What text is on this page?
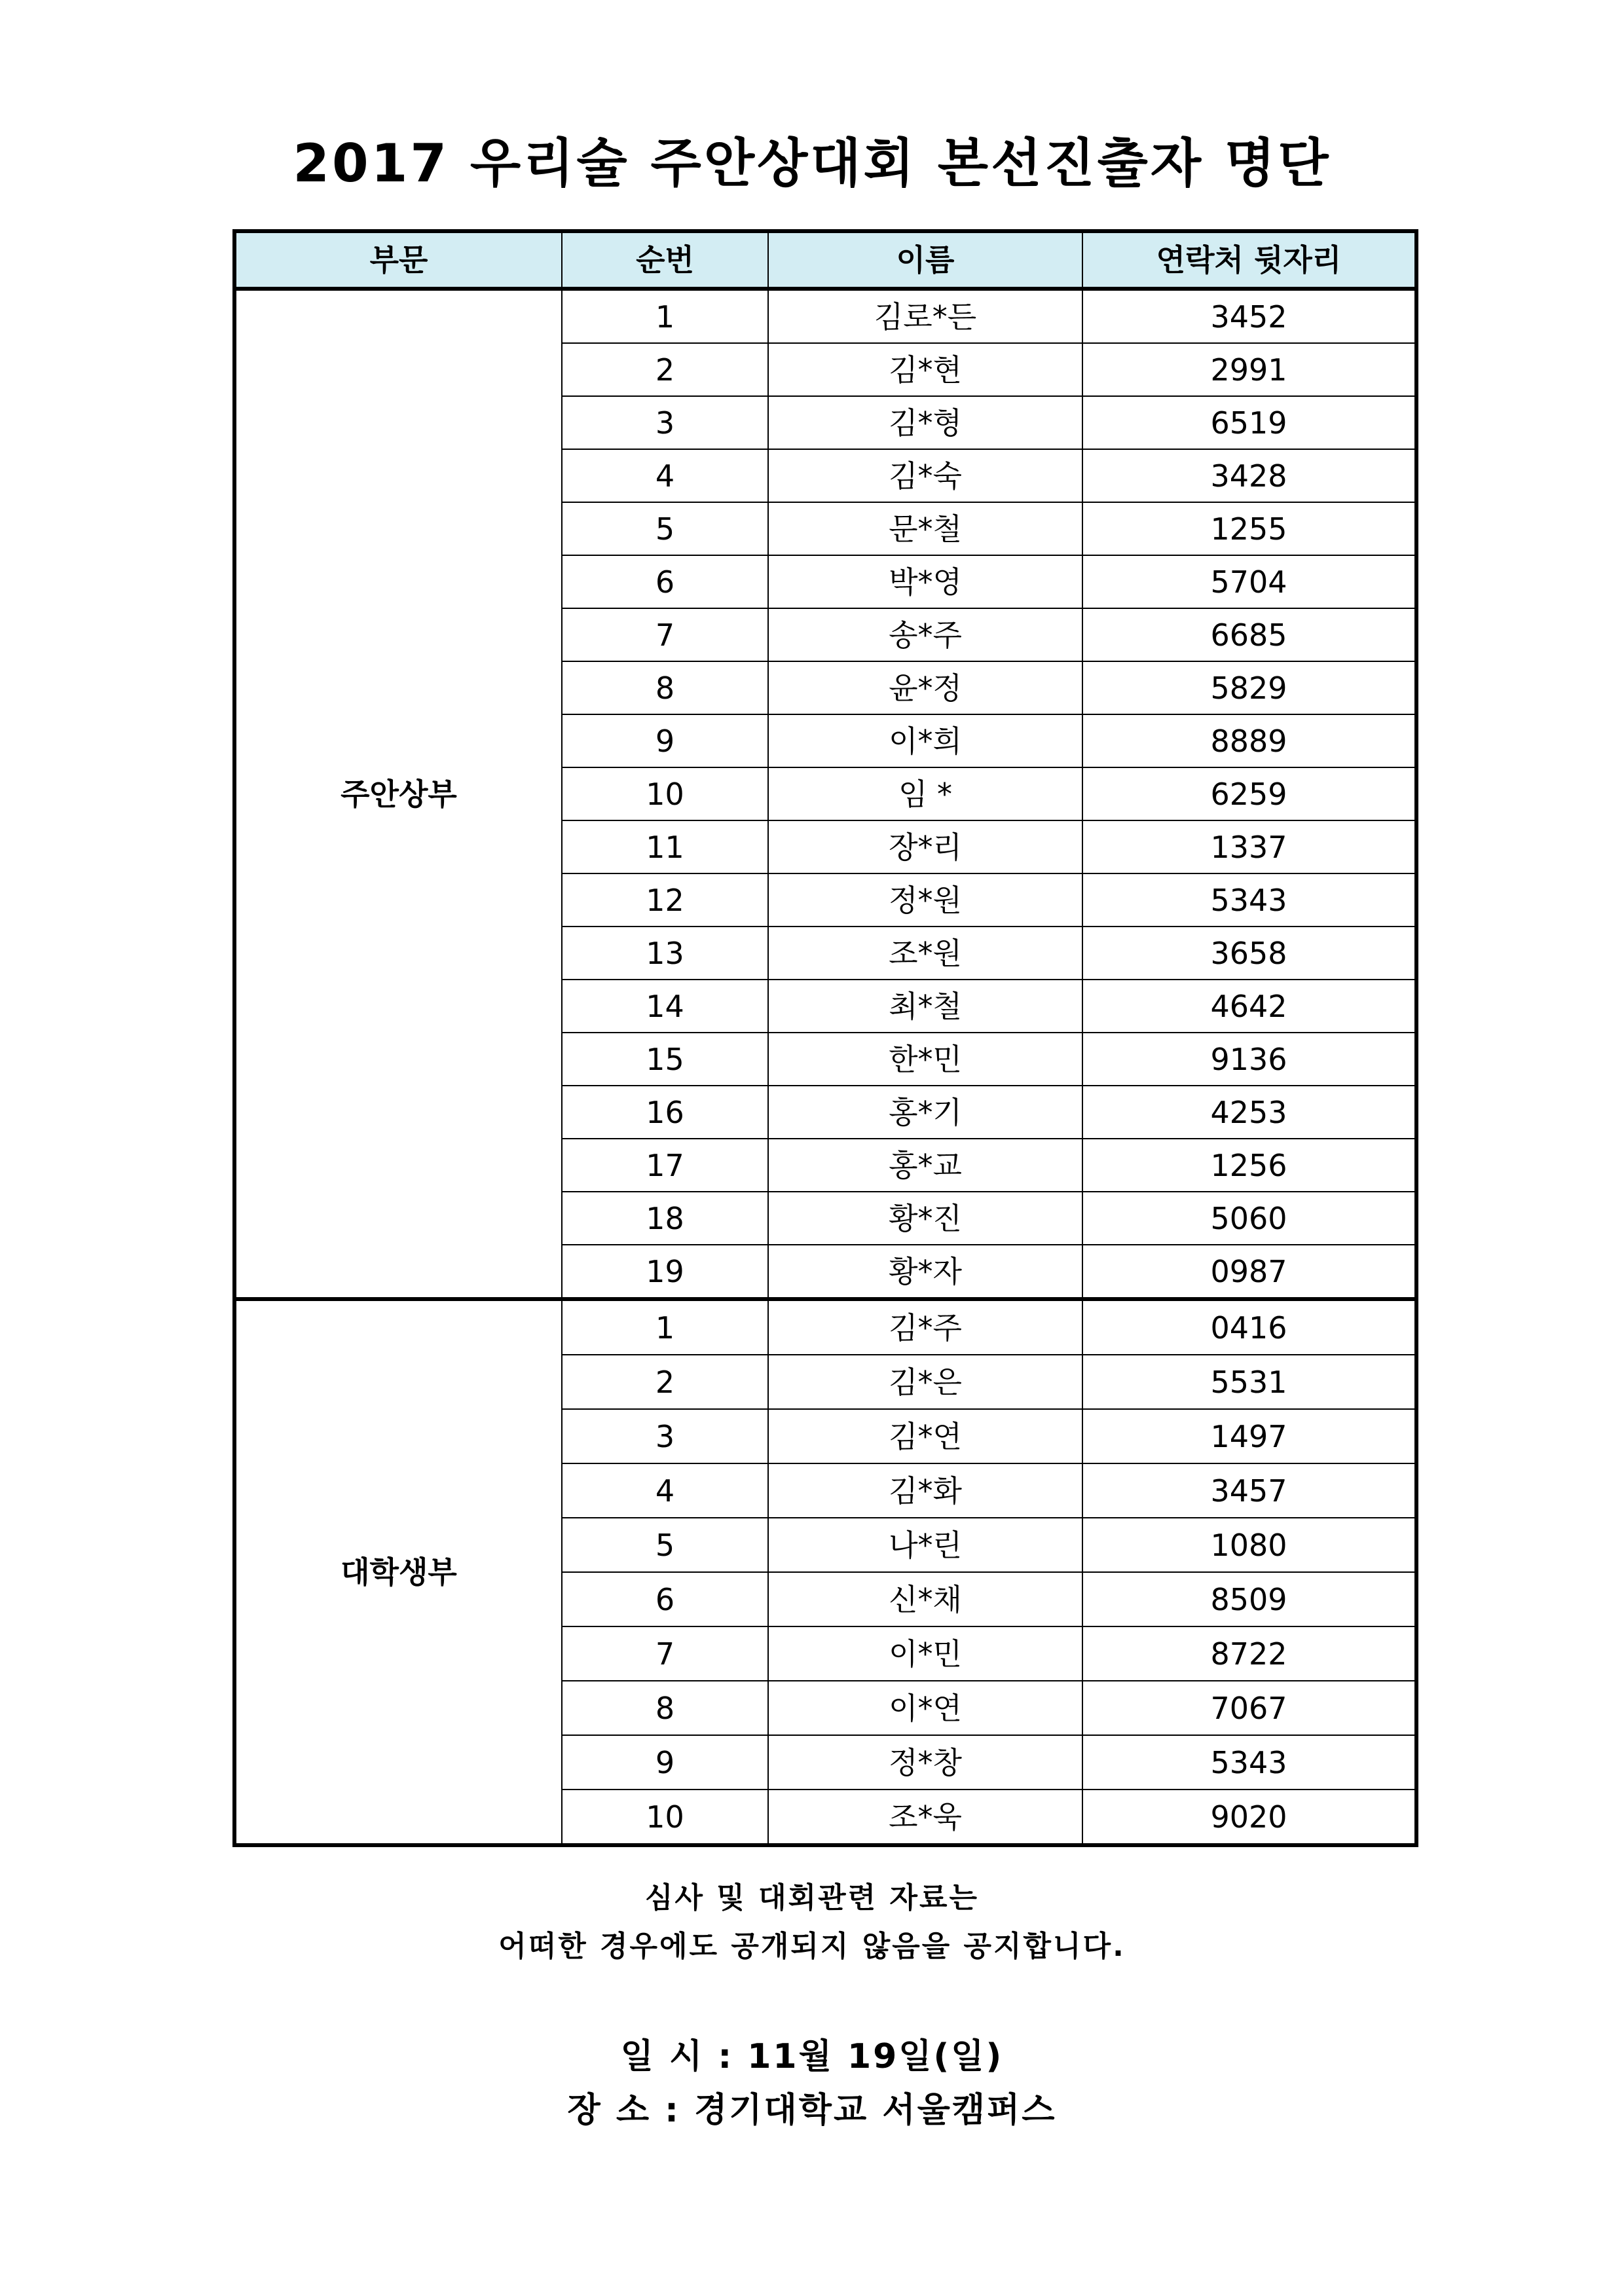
2017 우리술 주안상대회 본선진출자 명단
부문	순번	이름	연락처 뒷자리
주안상부	1	김로*든	3452
	2	김*현	2991
	3	김*형	6519
	4	김*숙	3428
	5	문*철	1255
	6	박*영	5704
	7	송*주	6685
	8	윤*정	5829
	9	이*희	8889
	10	임 *	6259
	11	장*리	1337
	12	정*원	5343
	13	조*원	3658
	14	최*철	4642
	15	한*민	9136
	16	홍*기	4253
	17	홍*교	1256
	18	황*진	5060
	19	황*자	0987
대학생부	1	김*주	0416
	2	김*은	5531
	3	김*연	1497
	4	김*화	3457
	5	나*린	1080
	6	신*채	8509
	7	이*민	8722
	8	이*연	7067
	9	정*창	5343
	10	조*욱	9020
심사 및 대회관련 자료는
어떠한 경우에도 공개되지 않음을 공지합니다.
일 시 : 11월 19일(일)
장 소 : 경기대학교 서울캠퍼스
